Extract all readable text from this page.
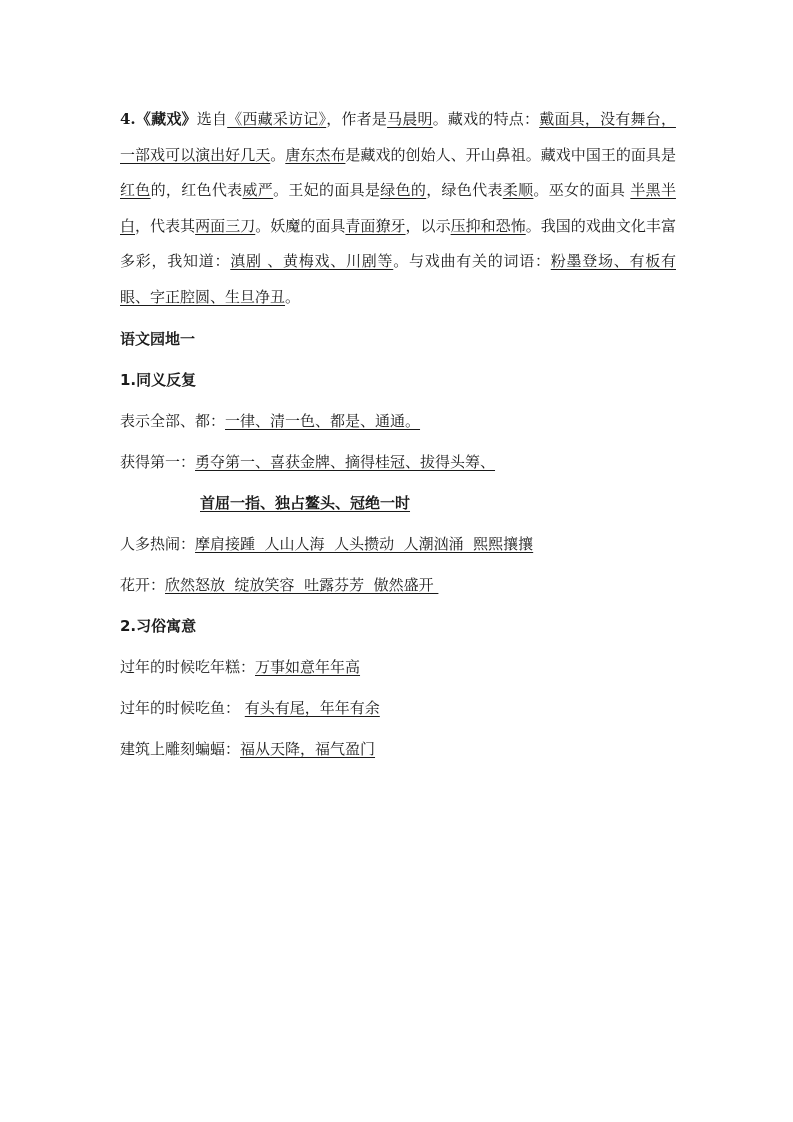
4.《藏戏》选自《西藏采访记》，作者是马晨明。藏戏的特点：戴面具，没有舞台，一部戏可以演出好几天。唐东杰布是藏戏的创始人、开山鼻祖。藏戏中国王的面具是红色的，红色代表威严。王妃的面具是绿色的，绿色代表柔顺。巫女的面具 半黑半白，代表其两面三刀。妖魔的面具青面獠牙，以示压抑和恐怖。我国的戏曲文化丰富多彩，我知道：滇剧 、黄梅戏、川剧等。与戏曲有关的词语：粉墨登场、有板有眼、字正腔圆、生旦净丑。

语文园地一

1.同义反复

表示全部、都：一律、清一色、都是、通通。

获得第一：勇夺第一、喜获金牌、摘得桂冠、拔得头筹、

首屈一指、独占鳌头、冠绝一时

人多热闹：摩肩接踵  人山人海  人头攒动  人潮汹涌  熙熙攘攘

花开：欣然怒放  绽放笑容  吐露芬芳  傲然盛开

2.习俗寓意

过年的时候吃年糕：万事如意年年高

过年的时候吃鱼： 有头有尾，年年有余

建筑上雕刻蝙蝠：福从天降，福气盈门
